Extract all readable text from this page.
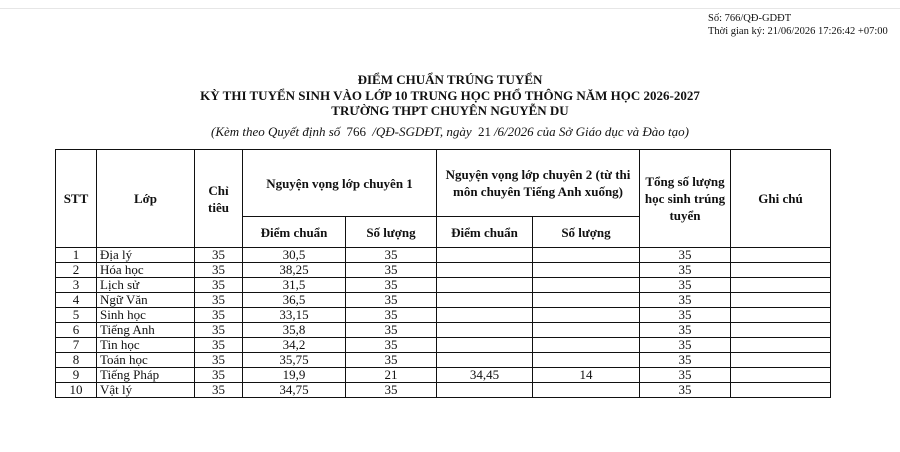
Số: 766/QĐ-GDĐT
Thời gian ký: 21/06/2026 17:26:42 +07:00
ĐIỂM CHUẨN TRÚNG TUYỂN
KỲ THI TUYỂN SINH VÀO LỚP 10 TRUNG HỌC PHỔ THÔNG NĂM HỌC 2026-2027
TRƯỜNG THPT CHUYÊN NGUYỄN DU
(Kèm theo Quyết định số 766 /QĐ-SGDĐT, ngày 21 /6/2026 của Sở Giáo dục và Đào tạo)
STT	Lớp	Chỉ tiêu	Nguyện vọng lớp chuyên 1		Nguyện vọng lớp chuyên 2 (từ thi môn chuyên Tiếng Anh xuống)		Tổng số lượng học sinh trúng tuyển	Ghi chú
			Điểm chuẩn	Số lượng	Điểm chuẩn	Số lượng		
1	Địa lý	35	30,5	35			35	
2	Hóa học	35	38,25	35			35	
3	Lịch sử	35	31,5	35			35	
4	Ngữ Văn	35	36,5	35			35	
5	Sinh học	35	33,15	35			35	
6	Tiếng Anh	35	35,8	35			35	
7	Tin học	35	34,2	35			35	
8	Toán học	35	35,75	35			35	
9	Tiếng Pháp	35	19,9	21	34,45	14	35	
10	Vật lý	35	34,75	35			35	
